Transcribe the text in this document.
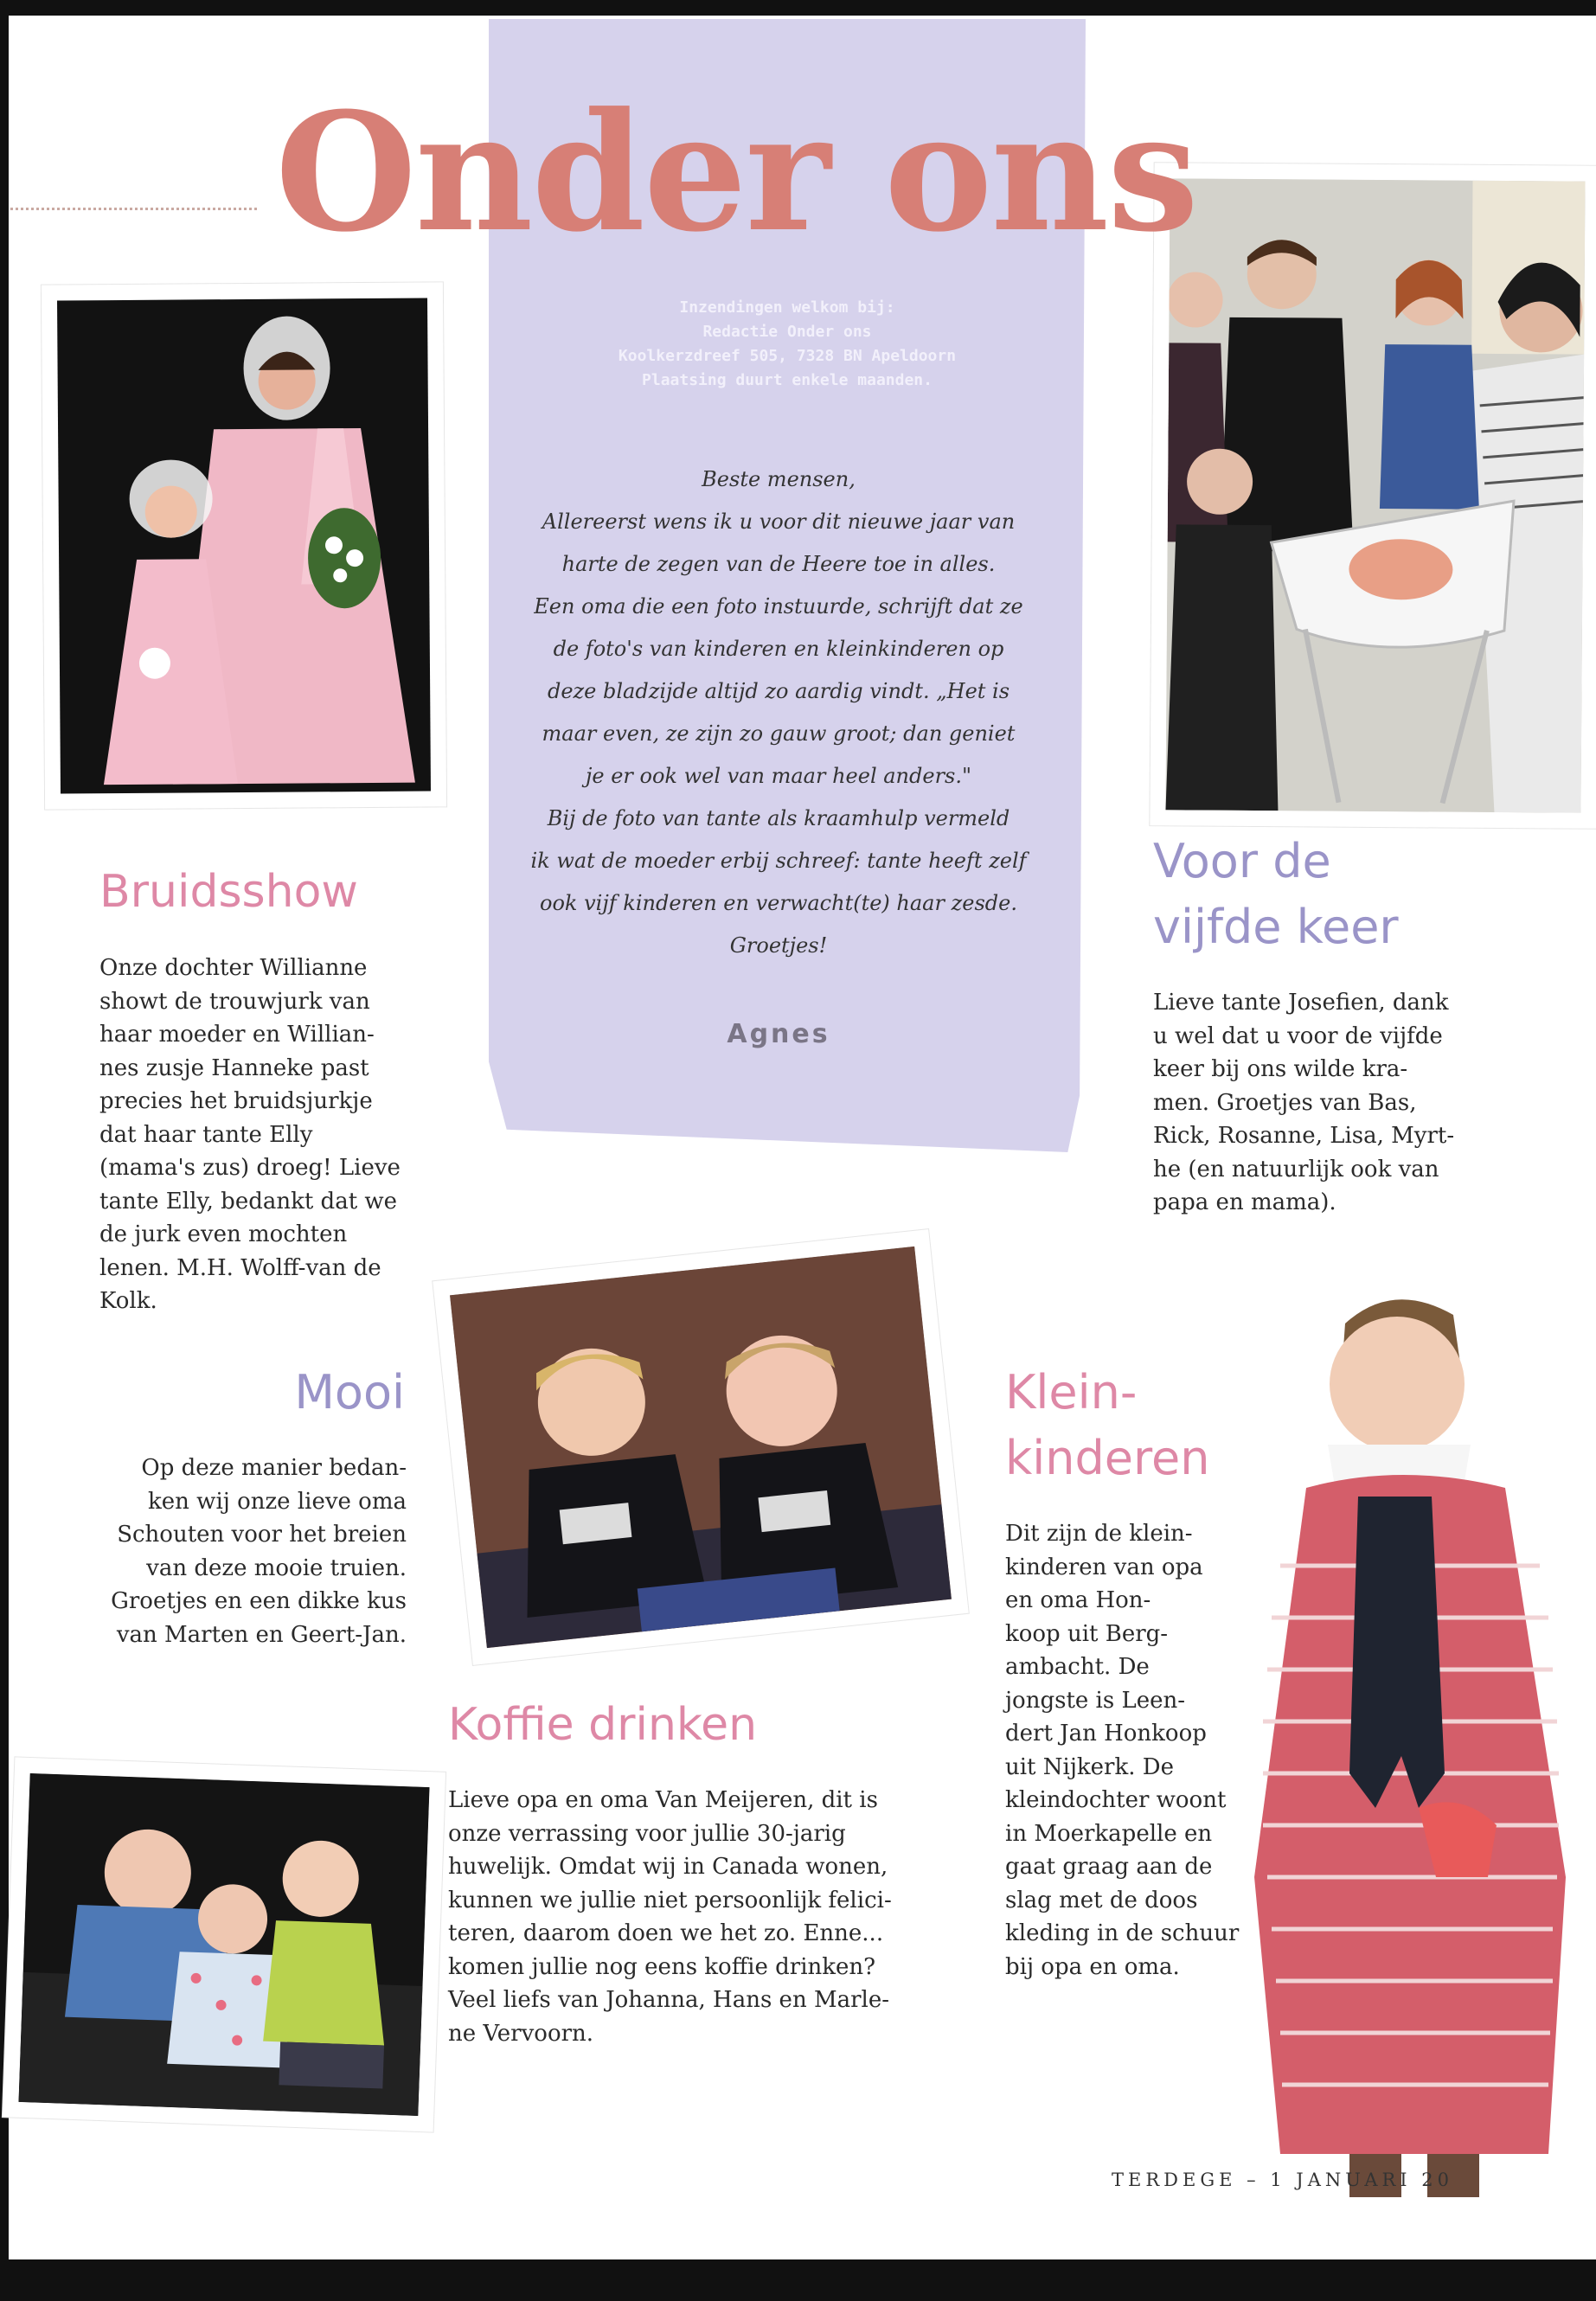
Onder ons
Inzendingen welkom bij:
Redactie Onder ons
Koolkerzdreef 505, 7328 BN Apeldoorn
Plaatsing duurt enkele maanden.

Beste mensen,

Allereerst wens ik u voor dit nieuwe jaar van

harte de zegen van de Heere toe in alles.

Een oma die een foto instuurde, schrijft dat ze

de foto's van kinderen en kleinkinderen op

deze bladzijde altijd zo aardig vindt. „Het is

maar even, ze zijn zo gauw groot; dan geniet

je er ook wel van maar heel anders."

Bij de foto van tante als kraamhulp vermeld

ik wat de moeder erbij schreef: tante heeft zelf

ook vijf kinderen en verwacht(te) haar zesde.

Groetjes!

Agnes

Bruidsshow
Onze dochter Willianne
showt de trouwjurk van
haar moeder en Willian-
nes zusje Hanneke past
precies het bruidsjurkje
dat haar tante Elly
(mama's zus) droeg! Lieve
tante Elly, bedankt dat we
de jurk even mochten
lenen. M.H. Wolff-van de
Kolk.
Voor de
vijfde keer
Lieve tante Josefien, dank
u wel dat u voor de vijfde
keer bij ons wilde kra-
men. Groetjes van Bas,
Rick, Rosanne, Lisa, Myrt-
he (en natuurlijk ook van
papa en mama).
Mooi
Op deze manier bedan-
ken wij onze lieve oma
Schouten voor het breien
van deze mooie truien.
Groetjes en een dikke kus
van Marten en Geert-Jan.
Klein-
kinderen
Dit zijn de klein-
kinderen van opa
en oma Hon-
koop uit Berg-
ambacht. De
jongste is Leen-
dert Jan Honkoop
uit Nijkerk. De
kleindochter woont
in Moerkapelle en
gaat graag aan de
slag met de doos
kleding in de schuur
bij opa en oma.
Koffie drinken
Lieve opa en oma Van Meijeren, dit is
onze verrassing voor jullie 30-jarig
huwelijk. Omdat wij in Canada wonen,
kunnen we jullie niet persoonlijk felici-
teren, daarom doen we het zo. Enne...
komen jullie nog eens koffie drinken?
Veel liefs van Johanna, Hans en Marle-
ne Vervoorn.

TERDEGE – 1 JANUARI 20
